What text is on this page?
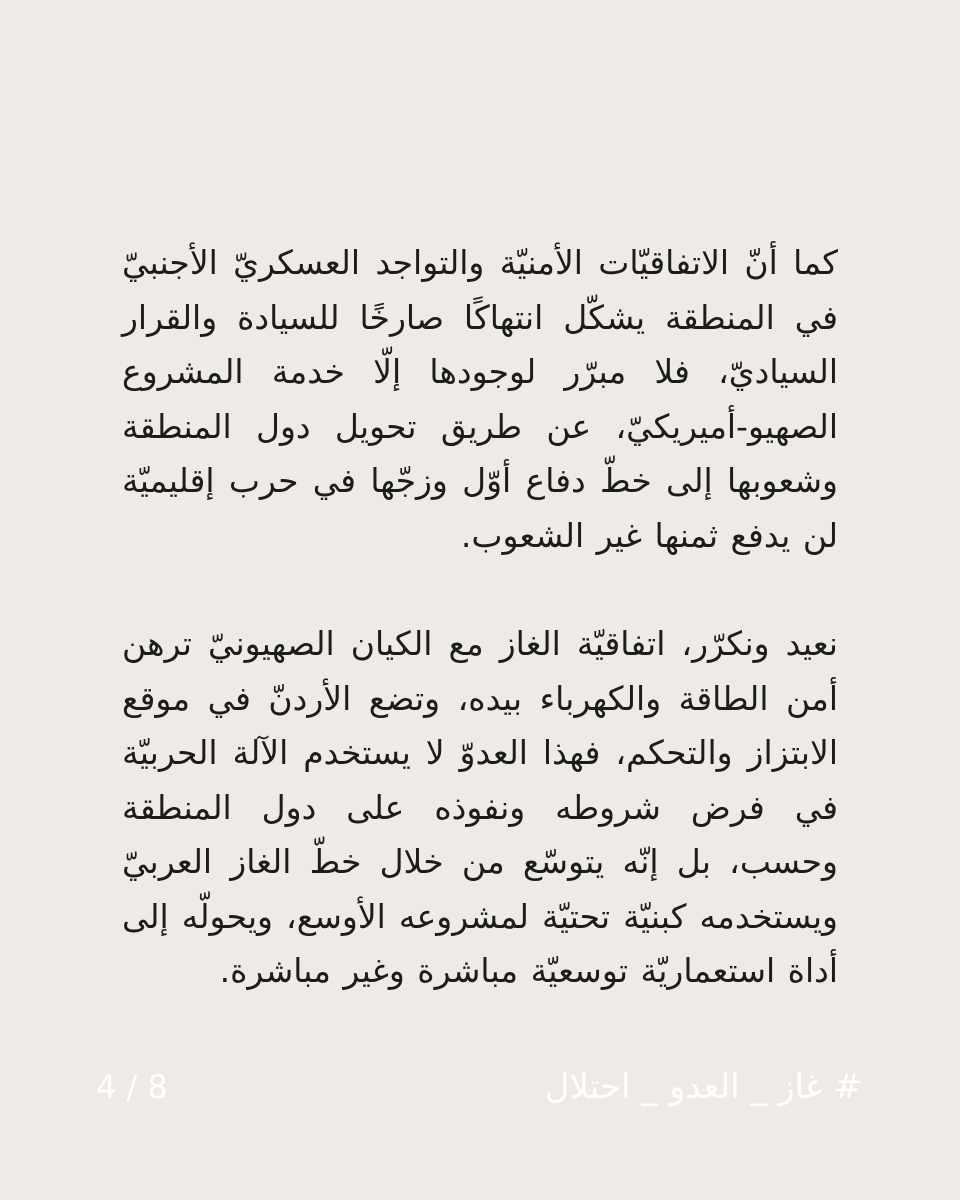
كما أنّ الاتفاقيّات الأمنيّة والتواجد العسكريّ الأجنبيّ في المنطقة يشكّل انتهاكًا صارخًا للسيادة والقرار السياديّ، فلا مبرّر لوجودها إلّا خدمة المشروع الصهيو-أميريكيّ، عن طريق تحويل دول المنطقة وشعوبها إلى خطّ دفاع أوّل وزجّها في حرب إقليميّة لن يدفع ثمنها غير الشعوب.

نعيد ونكرّر، اتفاقيّة الغاز مع الكيان الصهيونيّ ترهن أمن الطاقة والكهرباء بيده، وتضع الأردنّ في موقع الابتزاز والتحكم، فهذا العدوّ لا يستخدم الآلة الحربيّة في فرض شروطه ونفوذه على دول المنطقة وحسب، بل إنّه يتوسّع من خلال خطّ الغاز العربيّ ويستخدمه كبنيّة تحتيّة لمشروعه الأوسع، ويحولّه إلى أداة استعماريّة توسعيّة مباشرة وغير مباشرة.

# غاز _ العدو _ احتلال
4 / 8
